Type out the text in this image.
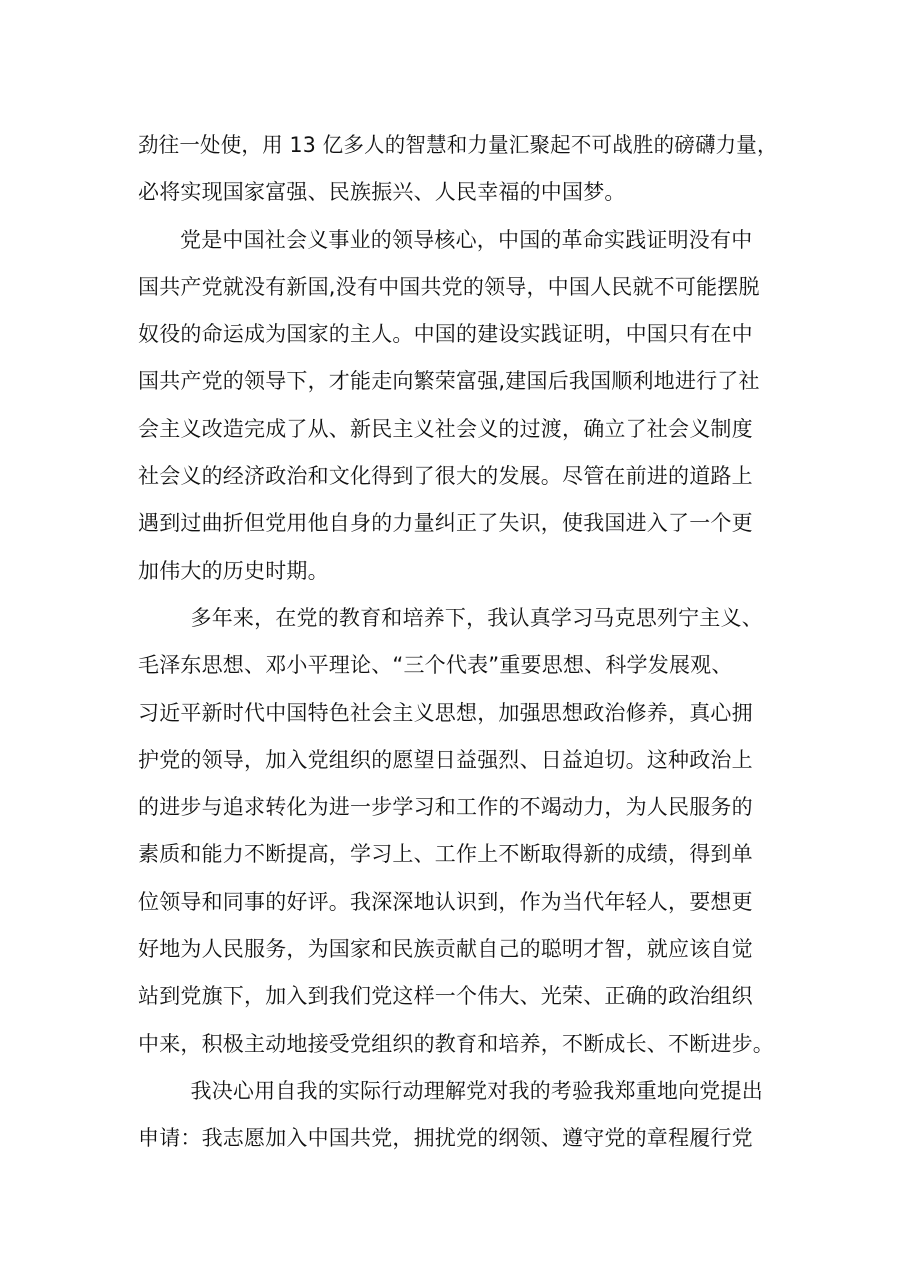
劲往一处使，用 13 亿多人的智慧和力量汇聚起不可战胜的磅礴力量，
必将实现国家富强、民族振兴、人民幸福的中国梦。
党是中国社会义事业的领导核心，中国的革命实践证明没有中
国共产党就没有新国,没有中国共党的领导，中国人民就不可能摆脱
奴役的命运成为国家的主人。中国的建设实践证明，中国只有在中
国共产党的领导下，才能走向繁荣富强,建国后我国顺利地进行了社
会主义改造完成了从、新民主义社会义的过渡，确立了社会义制度
社会义的经济政治和文化得到了很大的发展。尽管在前进的道路上
遇到过曲折但党用他自身的力量纠正了失识，使我国进入了一个更
加伟大的历史时期。
多年来，在党的教育和培养下，我认真学习马克思列宁主义、
毛泽东思想、邓小平理论、“三个代表”重要思想、科学发展观、
习近平新时代中国特色社会主义思想，加强思想政治修养，真心拥
护党的领导，加入党组织的愿望日益强烈、日益迫切。这种政治上
的进步与追求转化为进一步学习和工作的不竭动力，为人民服务的
素质和能力不断提高，学习上、工作上不断取得新的成绩，得到单
位领导和同事的好评。我深深地认识到，作为当代年轻人，要想更
好地为人民服务，为国家和民族贡献自己的聪明才智，就应该自觉
站到党旗下，加入到我们党这样一个伟大、光荣、正确的政治组织
中来，积极主动地接受党组织的教育和培养，不断成长、不断进步。
我决心用自我的实际行动理解党对我的考验我郑重地向党提出
申请：我志愿加入中国共党，拥扰党的纲领、遵守党的章程履行党
